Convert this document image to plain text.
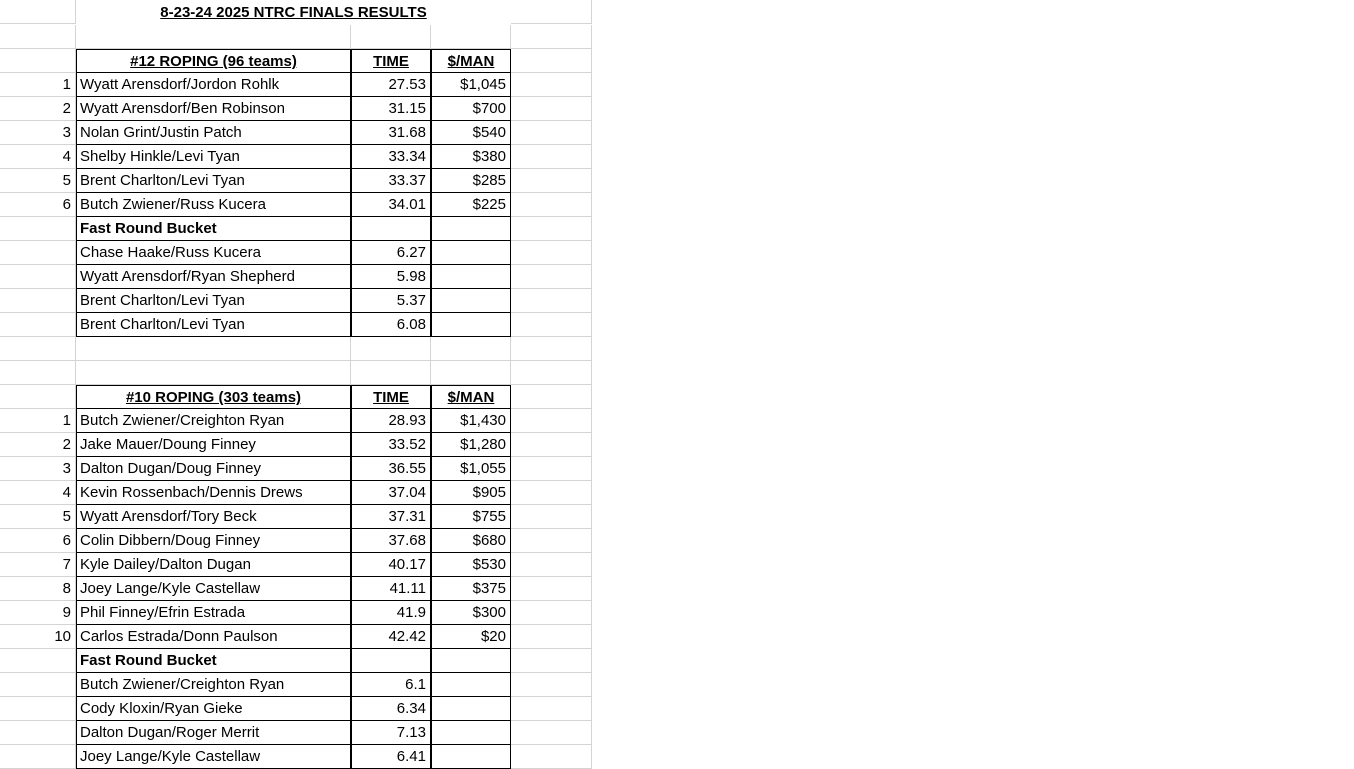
8-23-24 2025 NTRC FINALS RESULTS
#12 ROPING (96 teams)	TIME	$/MAN
1 Wyatt Arensdorf/Jordon Rohlk	27.53	$1,045
2 Wyatt Arensdorf/Ben Robinson	31.15	$700
3 Nolan Grint/Justin Patch	31.68	$540
4 Shelby Hinkle/Levi Tyan	33.34	$380
5 Brent Charlton/Levi Tyan	33.37	$285
6 Butch Zwiener/Russ Kucera	34.01	$225
Fast Round Bucket
Chase Haake/Russ Kucera	6.27
Wyatt Arensdorf/Ryan Shepherd	5.98
Brent Charlton/Levi Tyan	5.37
Brent Charlton/Levi Tyan	6.08
#10 ROPING (303 teams)	TIME	$/MAN
1 Butch Zwiener/Creighton Ryan	28.93	$1,430
2 Jake Mauer/Doung Finney	33.52	$1,280
3 Dalton Dugan/Doug Finney	36.55	$1,055
4 Kevin Rossenbach/Dennis Drews	37.04	$905
5 Wyatt Arensdorf/Tory Beck	37.31	$755
6 Colin Dibbern/Doug Finney	37.68	$680
7 Kyle Dailey/Dalton Dugan	40.17	$530
8 Joey Lange/Kyle Castellaw	41.11	$375
9 Phil Finney/Efrin Estrada	41.9	$300
10 Carlos Estrada/Donn Paulson	42.42	$20
Fast Round Bucket
Butch Zwiener/Creighton Ryan	6.1
Cody Kloxin/Ryan Gieke	6.34
Dalton Dugan/Roger Merrit	7.13
Joey Lange/Kyle Castellaw	6.41
